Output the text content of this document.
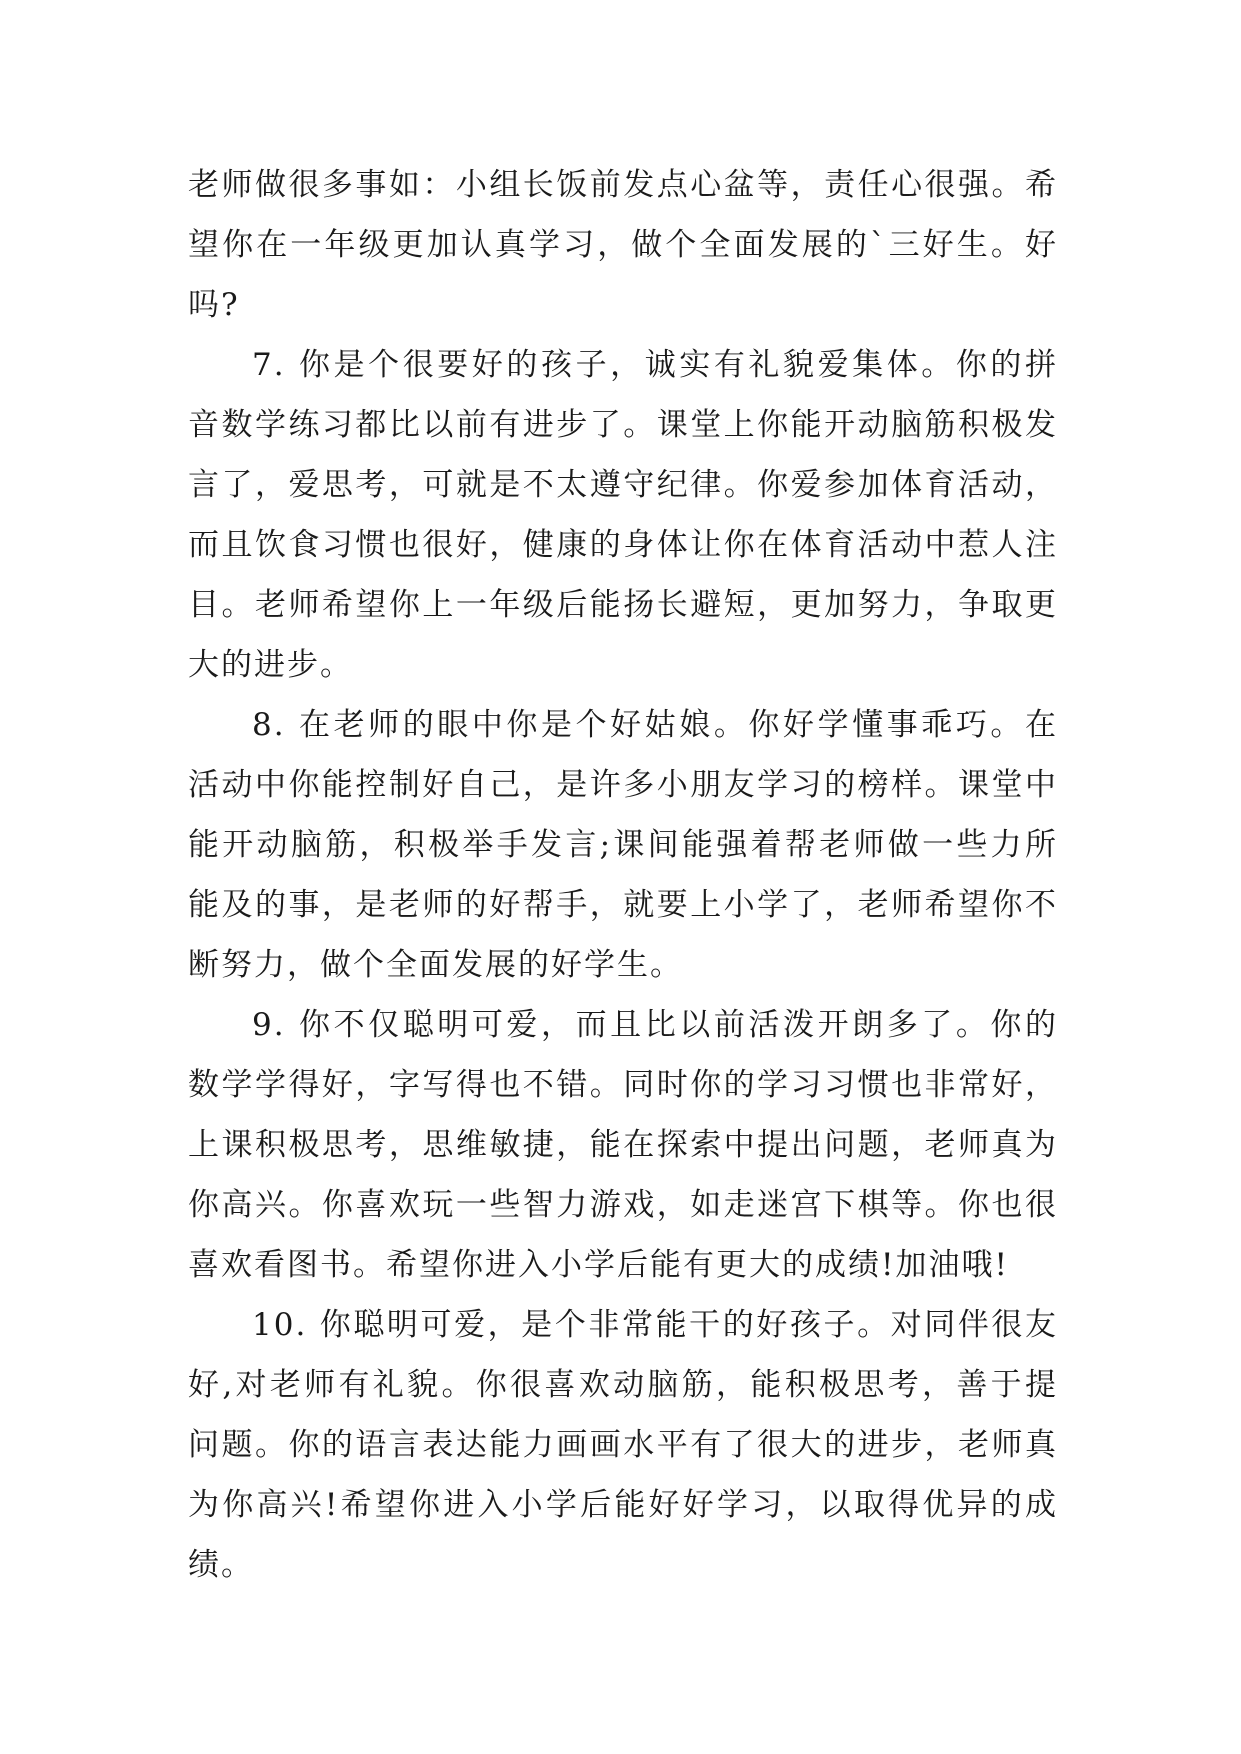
老师做很多事如：小组长饭前发点心盆等，责任心很强。希
望你在一年级更加认真学习，做个全面发展的`三好生。好
吗?
7. 你是个很要好的孩子，诚实有礼貌爱集体。你的拼
音数学练习都比以前有进步了。课堂上你能开动脑筋积极发
言了，爱思考，可就是不太遵守纪律。你爱参加体育活动，
而且饮食习惯也很好，健康的身体让你在体育活动中惹人注
目。老师希望你上一年级后能扬长避短，更加努力，争取更
大的进步。
8. 在老师的眼中你是个好姑娘。你好学懂事乖巧。在
活动中你能控制好自己，是许多小朋友学习的榜样。课堂中
能开动脑筋，积极举手发言;课间能强着帮老师做一些力所
能及的事，是老师的好帮手，就要上小学了，老师希望你不
断努力，做个全面发展的好学生。
9. 你不仅聪明可爱，而且比以前活泼开朗多了。你的
数学学得好，字写得也不错。同时你的学习习惯也非常好，
上课积极思考，思维敏捷，能在探索中提出问题，老师真为
你高兴。你喜欢玩一些智力游戏，如走迷宫下棋等。你也很
喜欢看图书。希望你进入小学后能有更大的成绩!加油哦!
10. 你聪明可爱，是个非常能干的好孩子。对同伴很友
好,对老师有礼貌。你很喜欢动脑筋，能积极思考，善于提
问题。你的语言表达能力画画水平有了很大的进步，老师真
为你高兴!希望你进入小学后能好好学习，以取得优异的成
绩。
